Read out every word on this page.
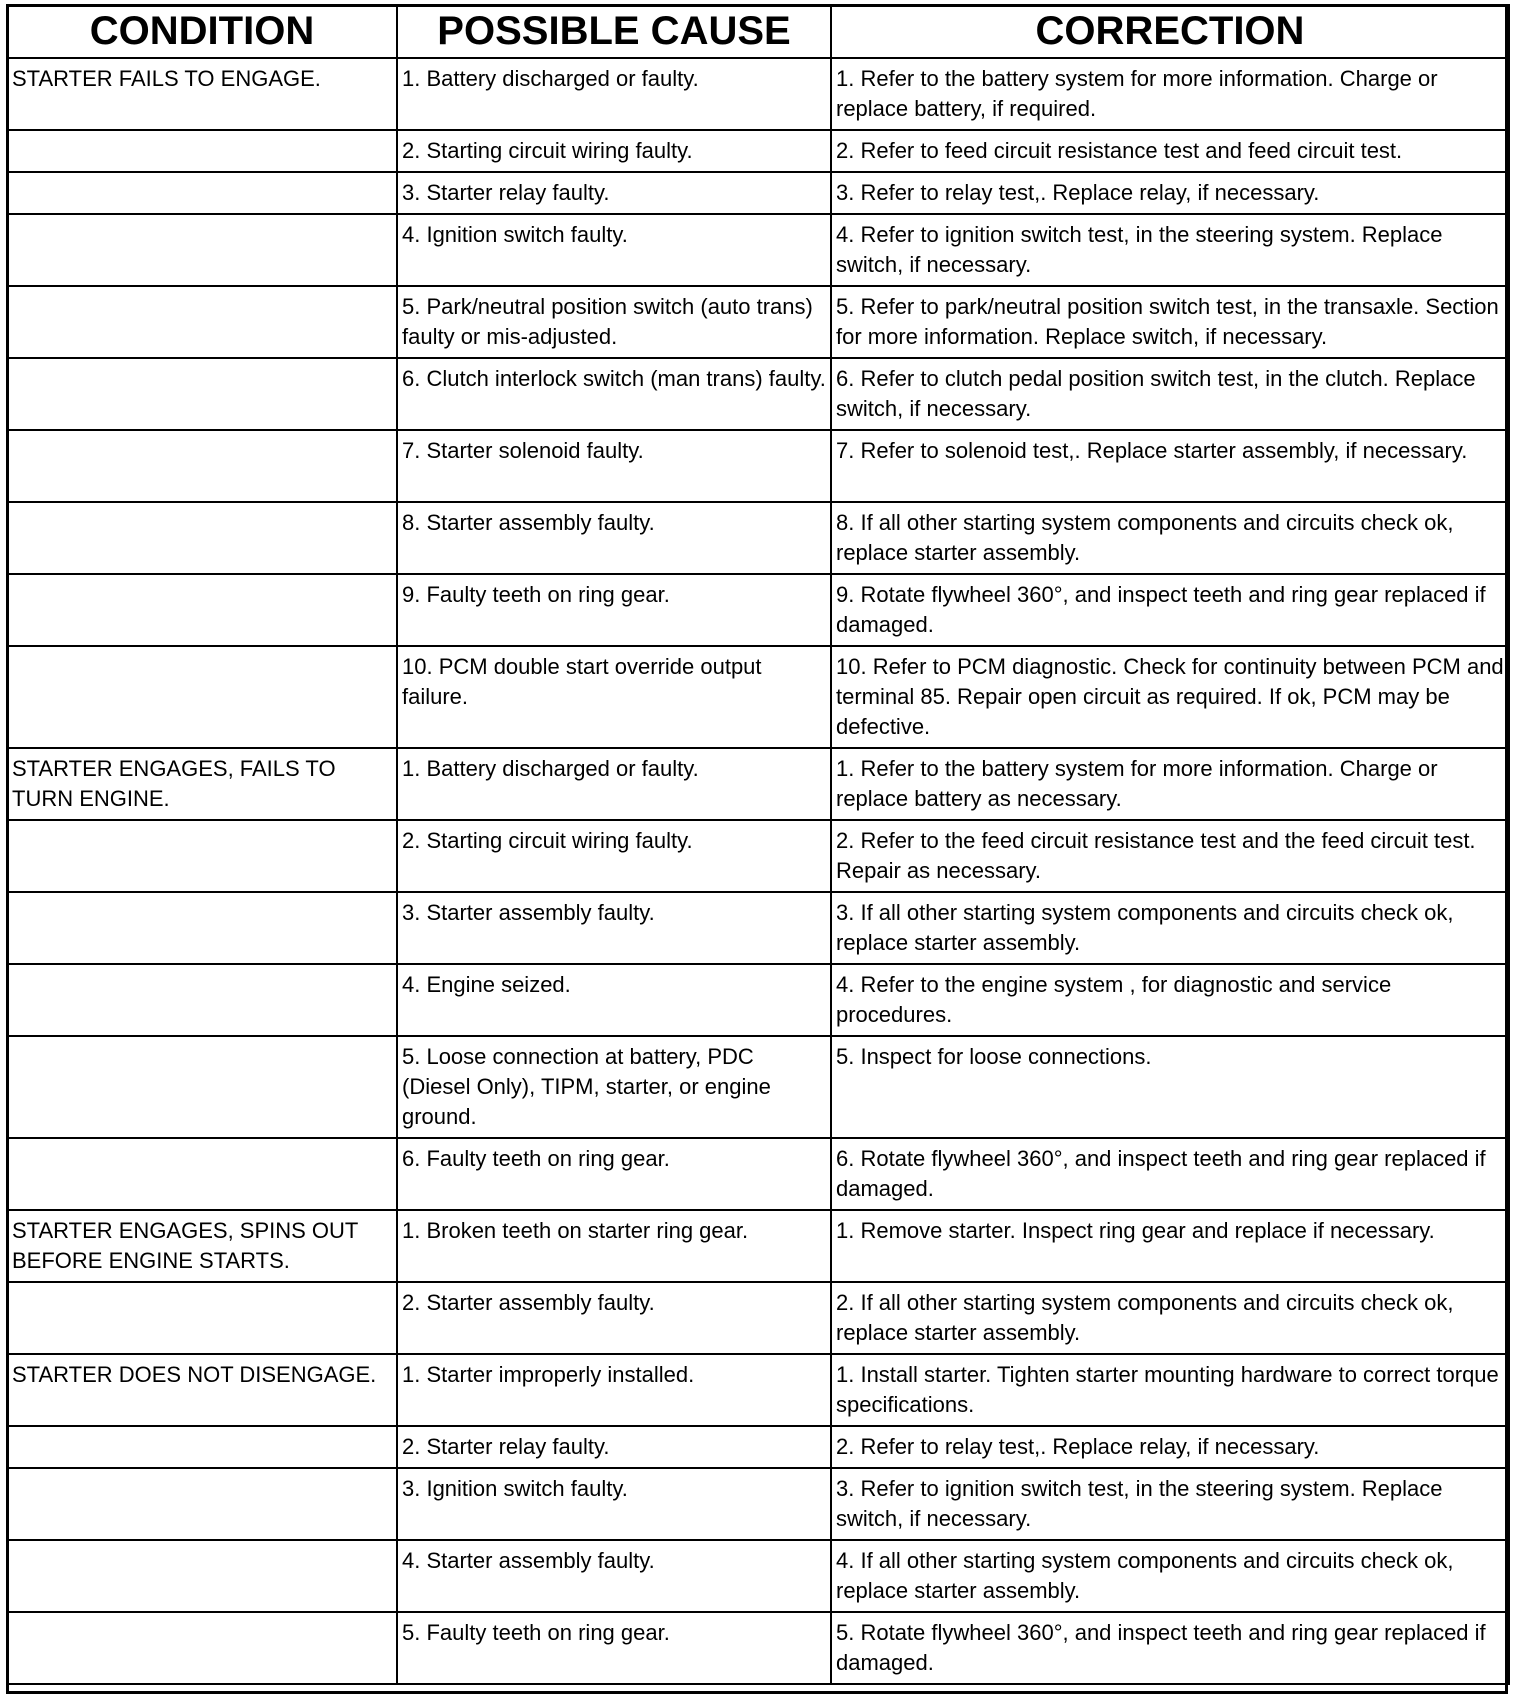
CONDITION	POSSIBLE CAUSE	CORRECTION
STARTER FAILS TO ENGAGE.	1. Battery discharged or faulty.	1. Refer to the battery system for more information. Charge or replace battery, if required.
	2. Starting circuit wiring faulty.	2. Refer to feed circuit resistance test and feed circuit test.
	3. Starter relay faulty.	3. Refer to relay test,. Replace relay, if necessary.
	4. Ignition switch faulty.	4. Refer to ignition switch test, in the steering system. Replace switch, if necessary.
	5. Park/neutral position switch (auto trans) faulty or mis-adjusted.	5. Refer to park/neutral position switch test, in the transaxle. Section for more information. Replace switch, if necessary.
	6. Clutch interlock switch (man trans) faulty.	6. Refer to clutch pedal position switch test, in the clutch. Replace switch, if necessary.
	7. Starter solenoid faulty.	7. Refer to solenoid test,. Replace starter assembly, if necessary.
	8. Starter assembly faulty.	8. If all other starting system components and circuits check ok, replace starter assembly.
	9. Faulty teeth on ring gear.	9. Rotate flywheel 360°, and inspect teeth and ring gear replaced if damaged.
	10. PCM double start override output failure.	10. Refer to PCM diagnostic. Check for continuity between PCM and terminal 85. Repair open circuit as required. If ok, PCM may be defective.
STARTER ENGAGES, FAILS TO TURN ENGINE.	1. Battery discharged or faulty.	1. Refer to the battery system for more information. Charge or replace battery as necessary.
	2. Starting circuit wiring faulty.	2. Refer to the feed circuit resistance test and the feed circuit test. Repair as necessary.
	3. Starter assembly faulty.	3. If all other starting system components and circuits check ok, replace starter assembly.
	4. Engine seized.	4. Refer to the engine system , for diagnostic and service procedures.
	5. Loose connection at battery, PDC (Diesel Only), TIPM, starter, or engine ground.	5. Inspect for loose connections.
	6. Faulty teeth on ring gear.	6. Rotate flywheel 360°, and inspect teeth and ring gear replaced if damaged.
STARTER ENGAGES, SPINS OUT BEFORE ENGINE STARTS.	1. Broken teeth on starter ring gear.	1. Remove starter. Inspect ring gear and replace if necessary.
	2. Starter assembly faulty.	2. If all other starting system components and circuits check ok, replace starter assembly.
STARTER DOES NOT DISENGAGE.	1. Starter improperly installed.	1. Install starter. Tighten starter mounting hardware to correct torque specifications.
	2. Starter relay faulty.	2. Refer to relay test,. Replace relay, if necessary.
	3. Ignition switch faulty.	3. Refer to ignition switch test, in the steering system. Replace switch, if necessary.
	4. Starter assembly faulty.	4. If all other starting system components and circuits check ok, replace starter assembly.
	5. Faulty teeth on ring gear.	5. Rotate flywheel 360°, and inspect teeth and ring gear replaced if damaged.
